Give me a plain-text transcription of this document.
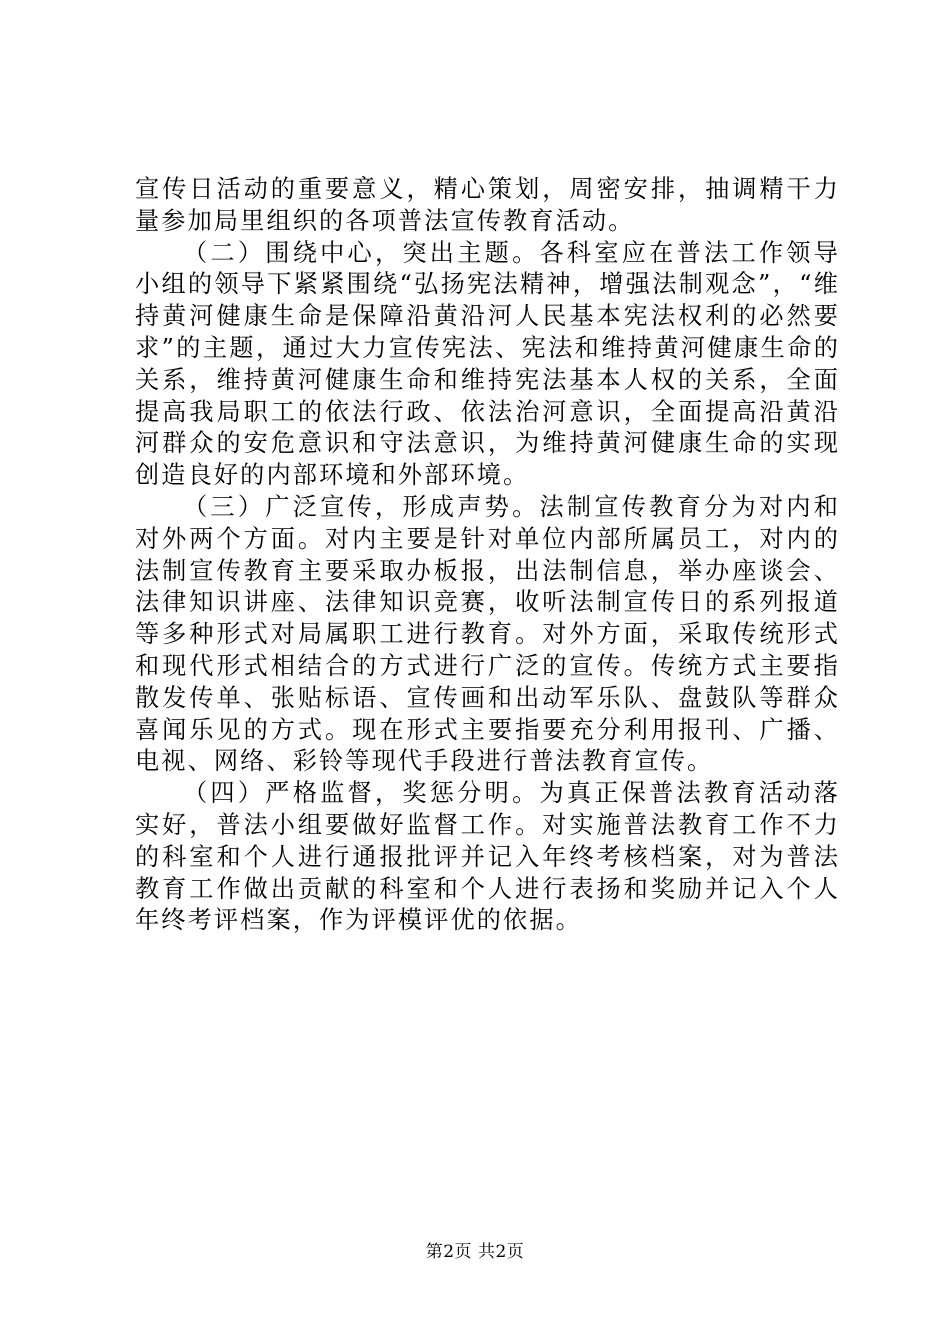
宣传日活动的重要意义，精心策划，周密安排，抽调精干力量参加局里组织的各项普法宣传教育活动。

（二）围绕中心，突出主题。各科室应在普法工作领导小组的领导下紧紧围绕“弘扬宪法精神，增强法制观念”，“维持黄河健康生命是保障沿黄沿河人民基本宪法权利的必然要求”的主题，通过大力宣传宪法、宪法和维持黄河健康生命的关系，维持黄河健康生命和维持宪法基本人权的关系，全面提高我局职工的依法行政、依法治河意识，全面提高沿黄沿河群众的安危意识和守法意识，为维持黄河健康生命的实现创造良好的内部环境和外部环境。

（三）广泛宣传，形成声势。法制宣传教育分为对内和对外两个方面。对内主要是针对单位内部所属员工，对内的法制宣传教育主要采取办板报，出法制信息，举办座谈会、法律知识讲座、法律知识竞赛，收听法制宣传日的系列报道等多种形式对局属职工进行教育。对外方面，采取传统形式和现代形式相结合的方式进行广泛的宣传。传统方式主要指散发传单、张贴标语、宣传画和出动军乐队、盘鼓队等群众喜闻乐见的方式。现在形式主要指要充分利用报刊、广播、电视、网络、彩铃等现代手段进行普法教育宣传。

（四）严格监督，奖惩分明。为真正保普法教育活动落实好，普法小组要做好监督工作。对实施普法教育工作不力的科室和个人进行通报批评并记入年终考核档案，对为普法教育工作做出贡献的科室和个人进行表扬和奖励并记入个人年终考评档案，作为评模评优的依据。

第2页 共2页
